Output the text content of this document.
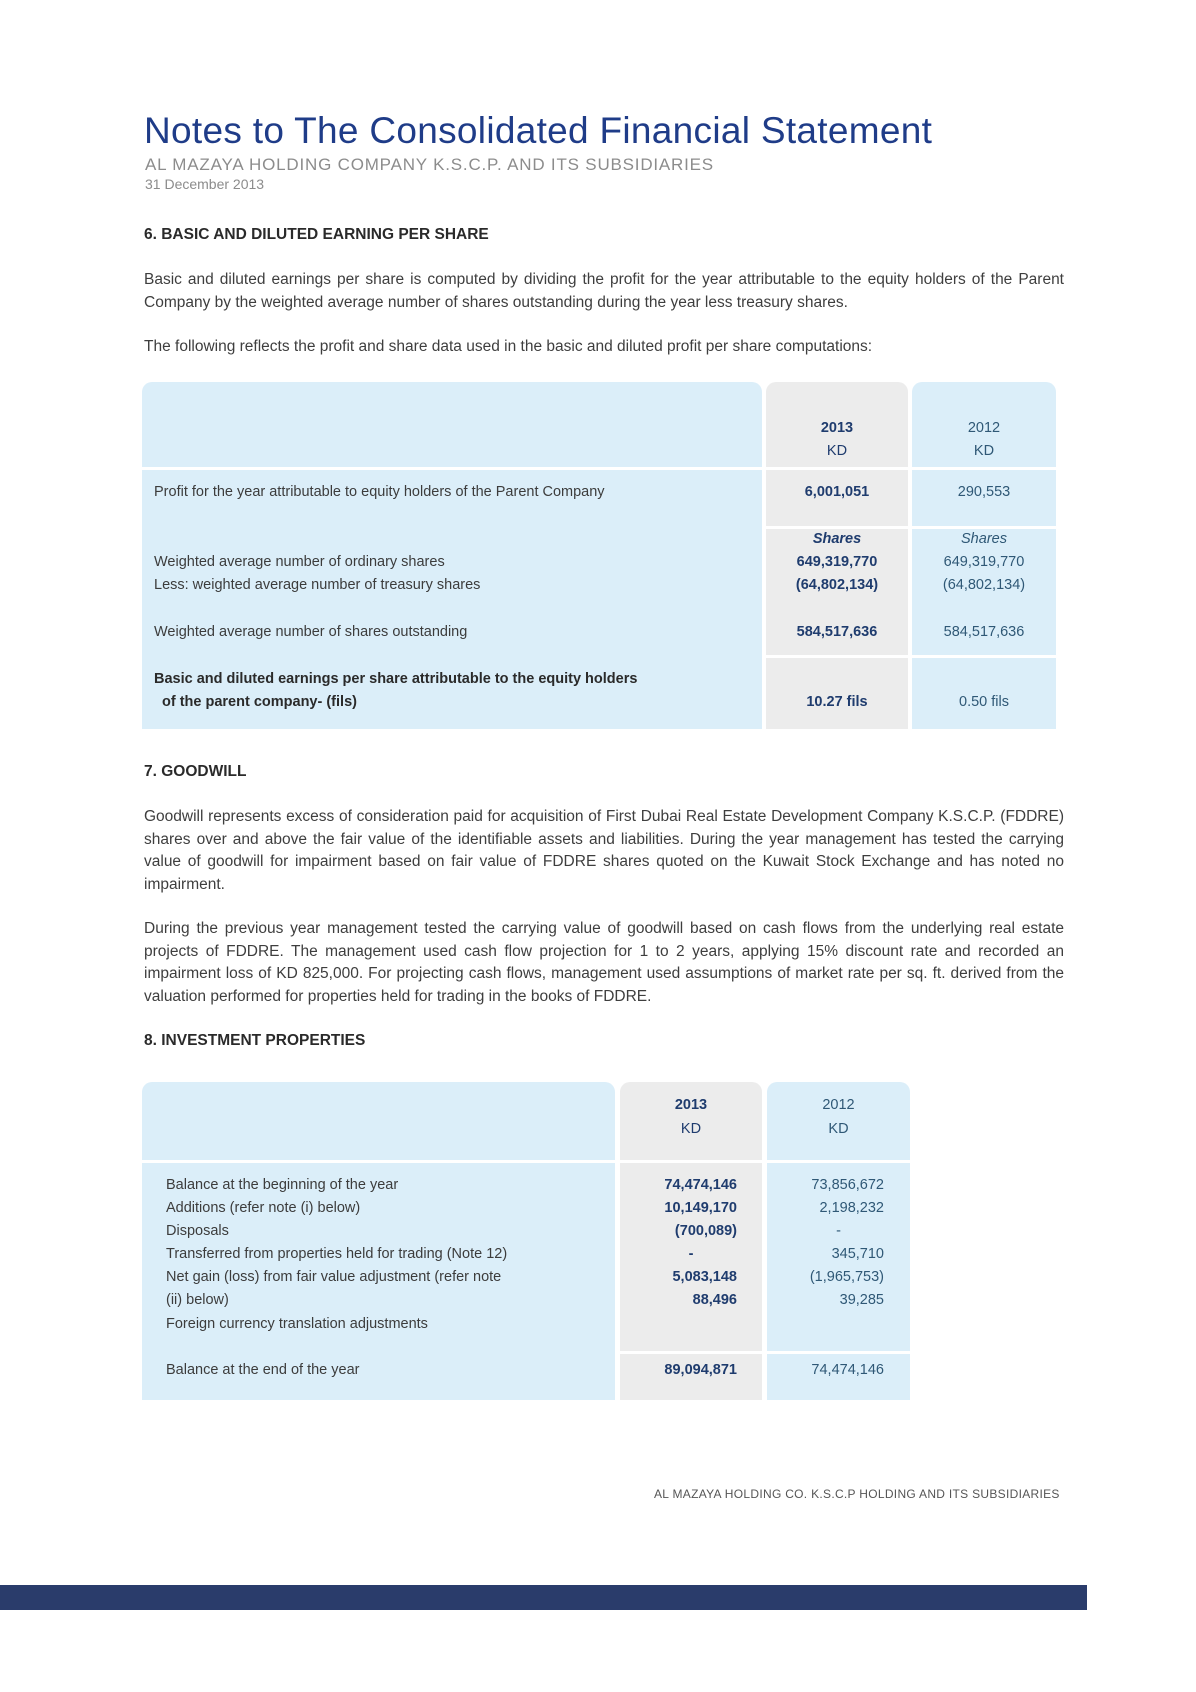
Notes to The Consolidated Financial Statement
AL MAZAYA HOLDING COMPANY K.S.C.P. AND ITS SUBSIDIARIES
31 December 2013
6. BASIC AND DILUTED EARNING PER SHARE

Basic and diluted earnings per share is computed by dividing the profit for the year attributable to the equity holders of the Parent Company by the weighted average number of shares outstanding during the year less treasury shares.

The following reflects the profit and share data used in the basic and diluted profit per share computations:

2013
KD
2012
KD
Profit for the year attributable to equity holders of the Parent Company	6,001,051	290,553
Shares	Shares
Weighted average number of ordinary shares	649,319,770	649,319,770
Less: weighted average number of treasury shares	(64,802,134)	(64,802,134)
Weighted average number of shares outstanding	584,517,636	584,517,636
Basic and diluted earnings per share attributable to the equity holders
of the parent company- (fils)	10.27 fils	0.50 fils
7. GOODWILL

Goodwill represents excess of consideration paid for acquisition of First Dubai Real Estate Development Company K.S.C.P. (FDDRE) shares over and above the fair value of the identifiable assets and liabilities. During the year management has tested the carrying value of goodwill for impairment based on fair value of FDDRE shares quoted on the Kuwait Stock Exchange and has noted no impairment.

During the previous year management tested the carrying value of goodwill based on cash flows from the underlying real estate projects of FDDRE. The management used cash flow projection for 1 to 2 years, applying 15% discount rate and recorded an impairment loss of KD 825,000. For projecting cash flows, management used assumptions of market rate per sq. ft. derived from the valuation performed for properties held for trading in the books of FDDRE.

8. INVESTMENT PROPERTIES
2013
KD
2012
KD
Balance at the beginning of the year	74,474,146	73,856,672
Additions (refer note (i) below)	10,149,170	2,198,232
Disposals	(700,089)	-
Transferred from properties held for trading (Note 12)	-	345,710
Net gain (loss) from fair value adjustment (refer note	5,083,148	(1,965,753)
(ii) below)	88,496	39,285
Foreign currency translation adjustments
Balance at the end of the year	89,094,871	74,474,146
AL MAZAYA HOLDING CO. K.S.C.P HOLDING AND ITS SUBSIDIARIES
